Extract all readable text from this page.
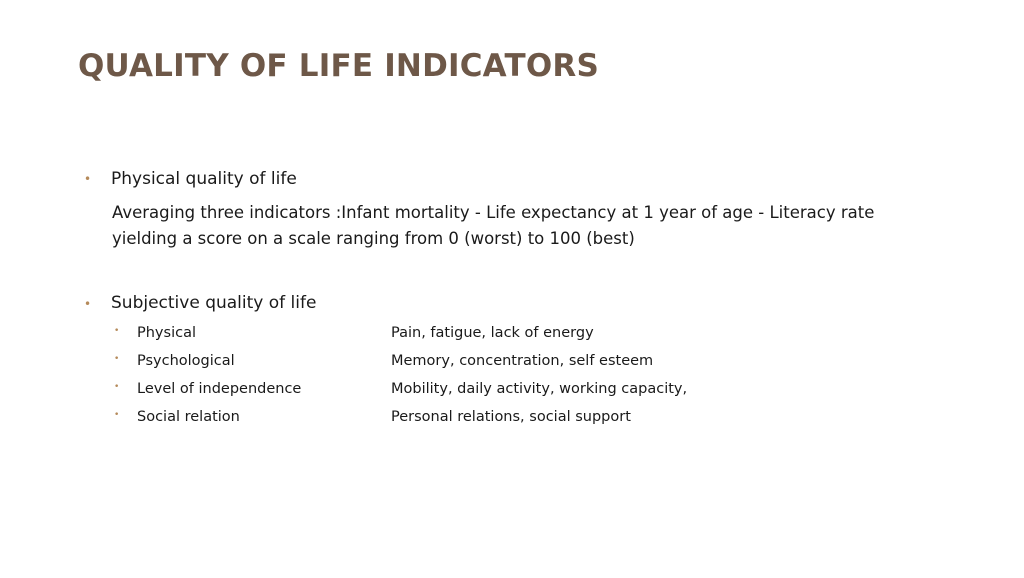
QUALITY OF LIFE INDICATORS
• Physical quality of life
Averaging three indicators :Infant mortality - Life expectancy at 1 year of age - Literacy rate
yielding a score on a scale ranging from 0 (worst) to 100 (best)
• Subjective quality of life
• Physical	Pain, fatigue, lack of energy
• Psychological	Memory, concentration, self esteem
• Level of independence	Mobility, daily activity, working capacity,
• Social relation	Personal relations, social support
